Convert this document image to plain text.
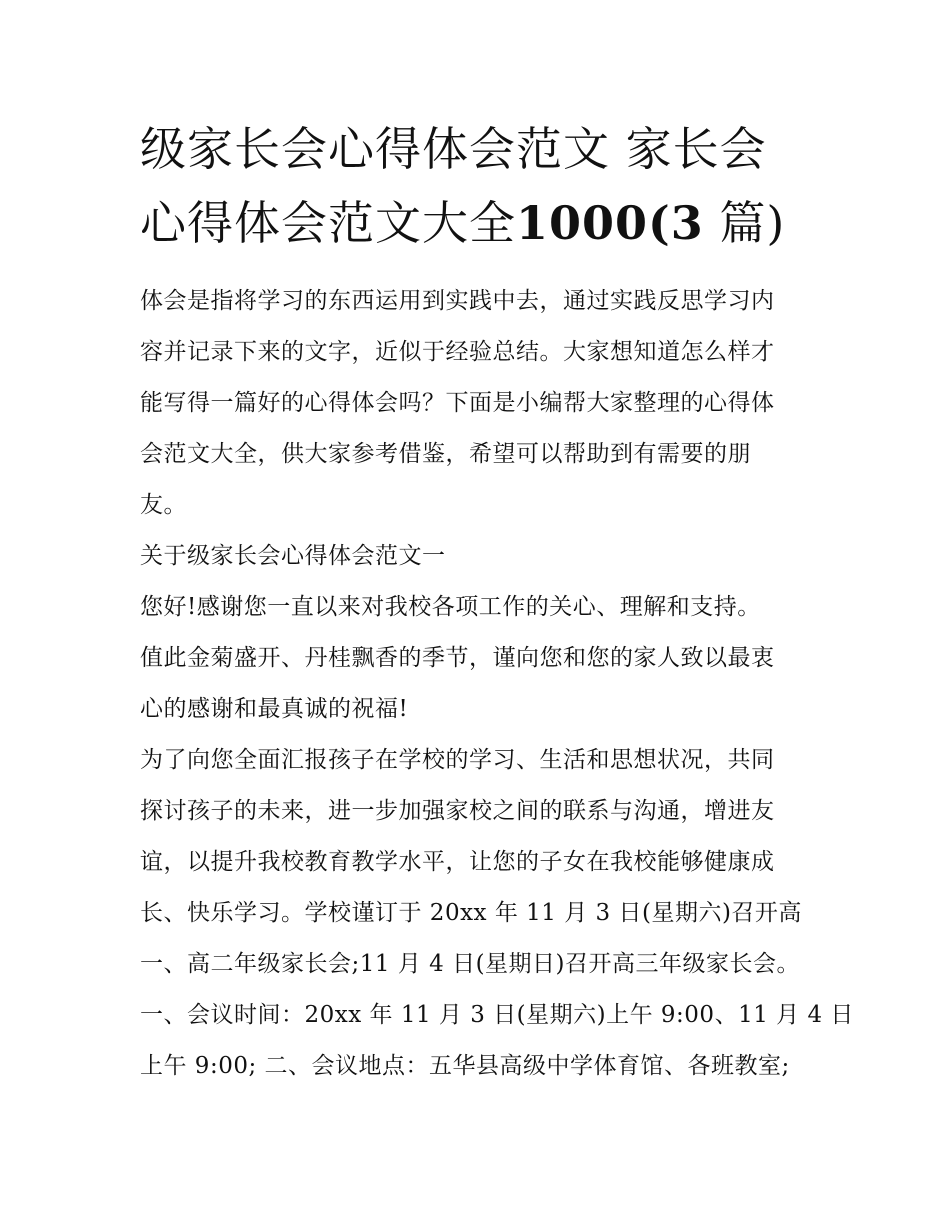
级家长会心得体会范文 家长会
心得体会范文大全1000(3 篇)

体会是指将学习的东西运用到实践中去，通过实践反思学习内
容并记录下来的文字，近似于经验总结。大家想知道怎么样才
能写得一篇好的心得体会吗？下面是小编帮大家整理的心得体
会范文大全，供大家参考借鉴，希望可以帮助到有需要的朋
友。

关于级家长会心得体会范文一

您好!感谢您一直以来对我校各项工作的关心、理解和支持。
值此金菊盛开、丹桂飘香的季节，谨向您和您的家人致以最衷
心的感谢和最真诚的祝福!

为了向您全面汇报孩子在学校的学习、生活和思想状况，共同
探讨孩子的未来，进一步加强家校之间的联系与沟通，增进友
谊，以提升我校教育教学水平，让您的子女在我校能够健康成
长、快乐学习。学校谨订于 20xx 年 11 月 3 日(星期六)召开高
一、高二年级家长会;11 月 4 日(星期日)召开高三年级家长会。
一、会议时间：20xx 年 11 月 3 日(星期六)上午 9:00、11 月 4 日
上午 9:00; 二、会议地点：五华县高级中学体育馆、各班教室;
